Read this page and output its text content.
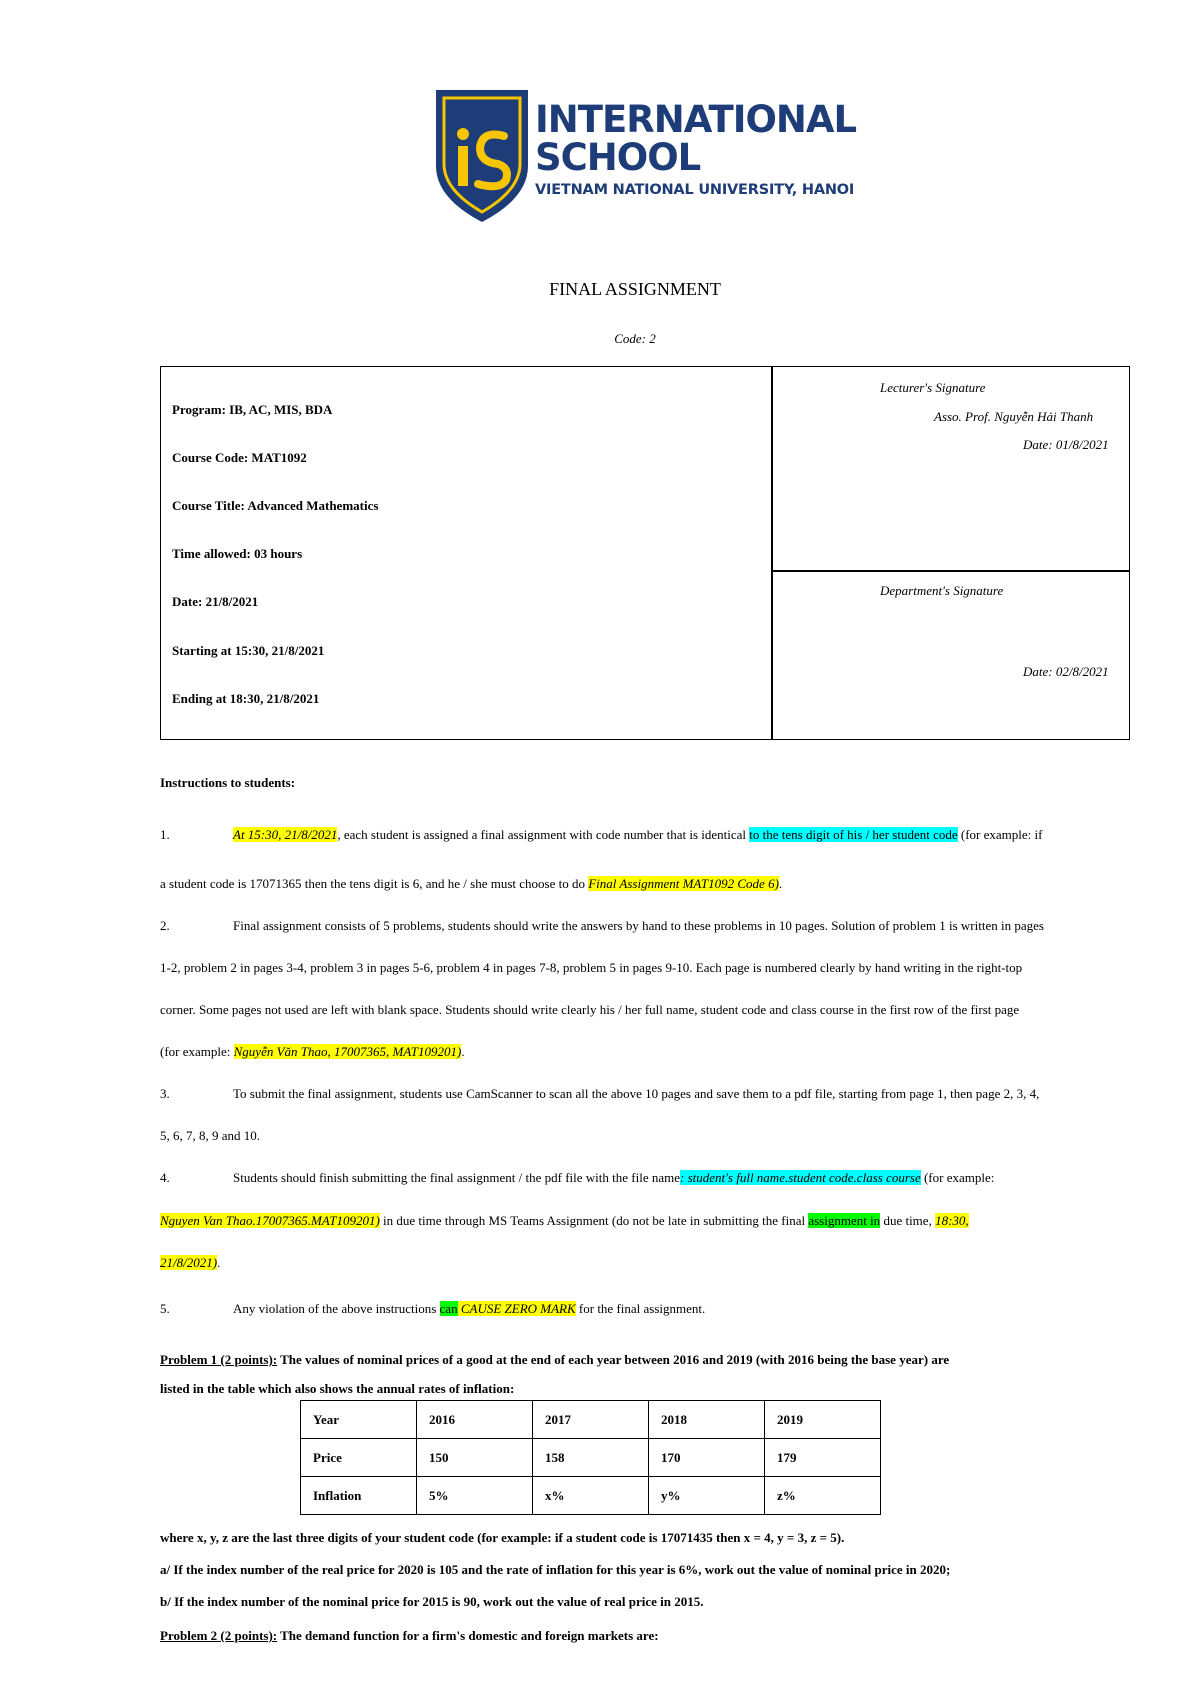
INTERNATIONAL
SCHOOL
VIETNAM NATIONAL UNIVERSITY, HANOI
FINAL ASSIGNMENT
Code: 2
Program: IB, AC, MIS, BDA
Course Code: MAT1092
Course Title: Advanced Mathematics
Time allowed: 03 hours
Date: 21/8/2021
Starting at 15:30, 21/8/2021
Ending at 18:30, 21/8/2021
Lecturer's Signature
Asso. Prof. Nguyễn Hải Thanh
Date: 01/8/2021
Department's Signature
Date: 02/8/2021
Instructions to students:
1.	At 15:30, 21/8/2021, each student is assigned a final assignment with code number that is identical to the tens digit of his / her student code (for example: if
a student code is 17071365 then the tens digit is 6, and he / she must choose to do Final Assignment MAT1092 Code 6).
2.	Final assignment consists of 5 problems, students should write the answers by hand to these problems in 10 pages. Solution of problem 1 is written in pages
1-2, problem 2 in pages 3-4, problem 3 in pages 5-6, problem 4 in pages 7-8, problem 5 in pages 9-10. Each page is numbered clearly by hand writing in the right-top
corner. Some pages not used are left with blank space. Students should write clearly his / her full name, student code and class course in the first row of the first page
(for example: Nguyễn Văn Thao, 17007365, MAT109201).
3.	To submit the final assignment, students use CamScanner to scan all the above 10 pages and save them to a pdf file, starting from page 1, then page 2, 3, 4,
5, 6, 7, 8, 9 and 10.
4.	Students should finish submitting the final assignment / the pdf file with the file name: student's full name.student code.class course (for example:
Nguyen Van Thao.17007365.MAT109201) in due time through MS Teams Assignment (do not be late in submitting the final assignment in due time, 18:30,
21/8/2021).
5.	Any violation of the above instructions can CAUSE ZERO MARK for the final assignment.
Problem 1 (2 points): The values of nominal prices of a good at the end of each year between 2016 and 2019 (with 2016 being the base year) are
listed in the table which also shows the annual rates of inflation:
Year	2016	2017	2018	2019
Price	150	158	170	179
Inflation	5%	x%	y%	z%
where x, y, z are the last three digits of your student code (for example: if a student code is 17071435 then x = 4, y = 3, z = 5).
a/ If the index number of the real price for 2020 is 105 and the rate of inflation for this year is 6%, work out the value of nominal price in 2020;
b/ If the index number of the nominal price for 2015 is 90, work out the value of real price in 2015.
Problem 2 (2 points): The demand function for a firm's domestic and foreign markets are:
